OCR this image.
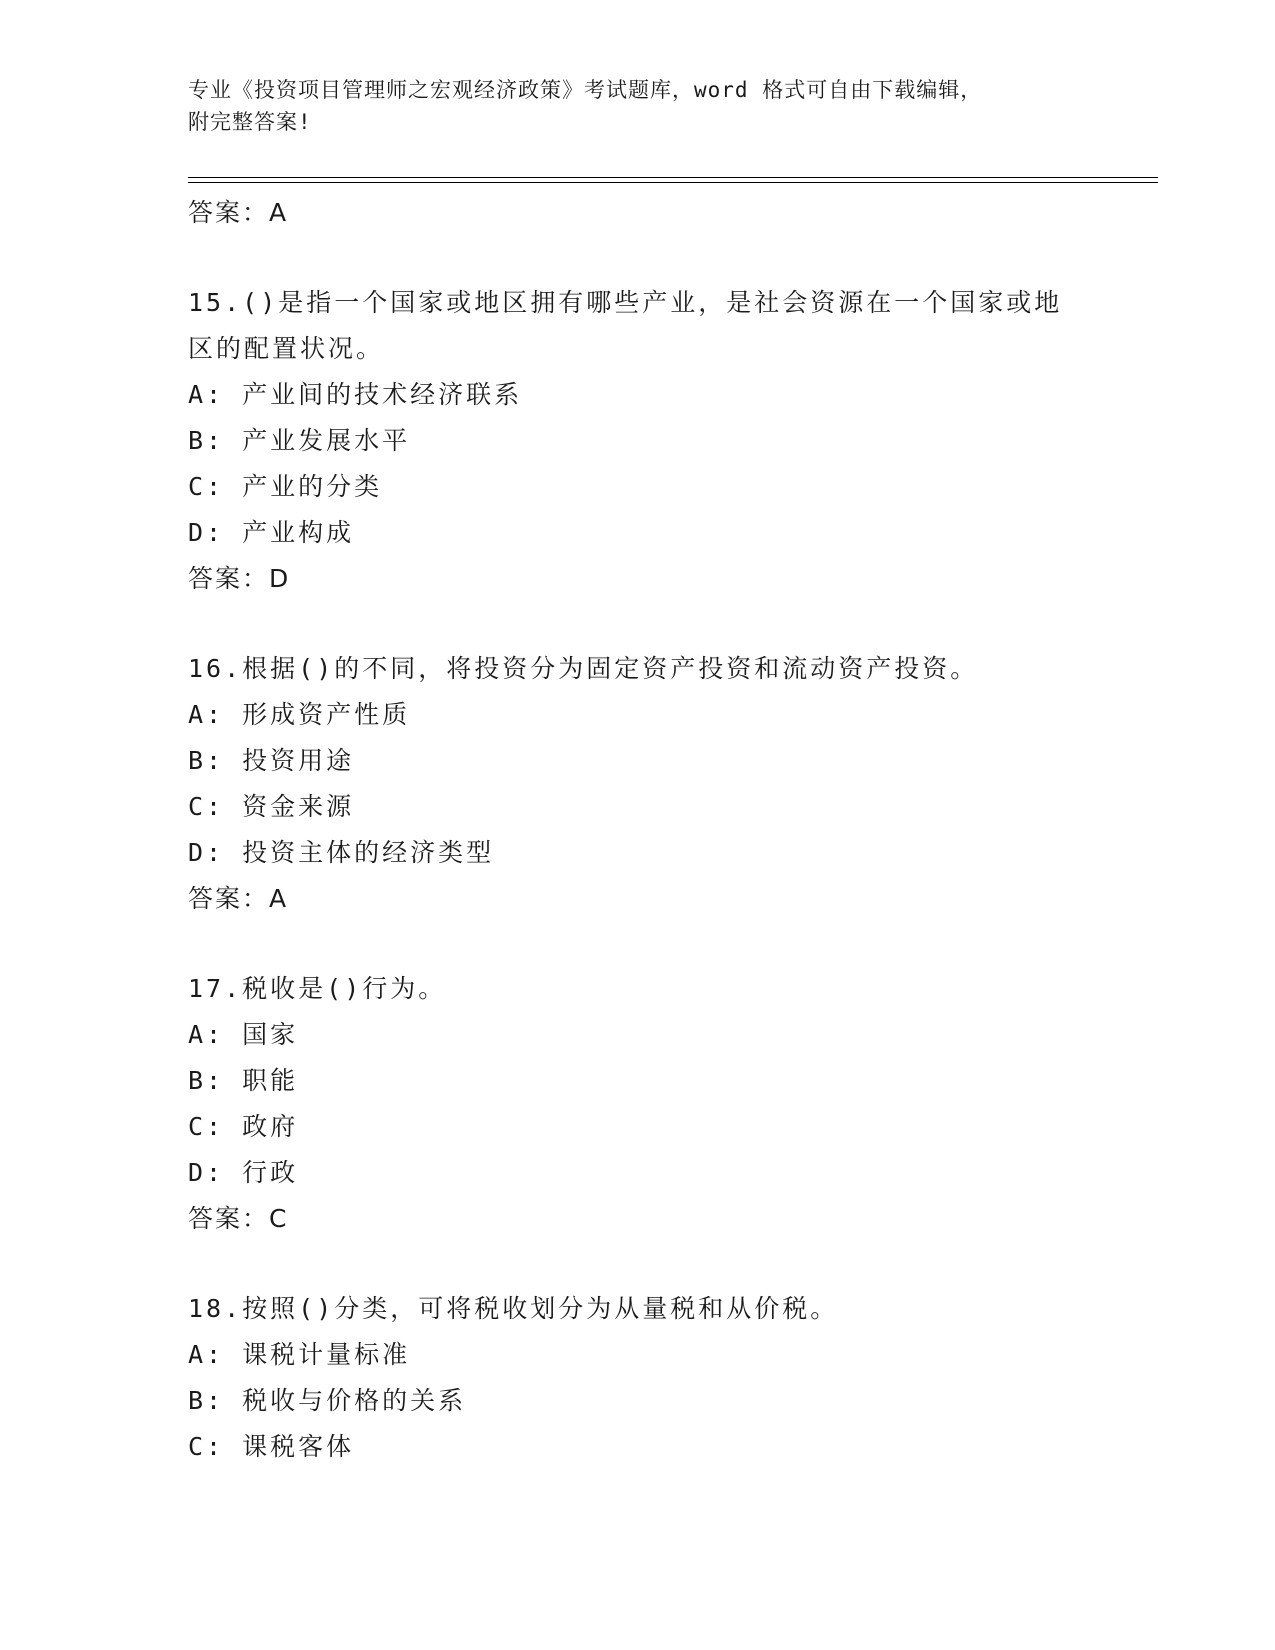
专业《投资项目管理师之宏观经济政策》考试题库，word 格式可自由下载编辑，
附完整答案!
答案：A
15.()是指一个国家或地区拥有哪些产业，是社会资源在一个国家或地
区的配置状况。
A: 产业间的技术经济联系
B: 产业发展水平
C: 产业的分类
D: 产业构成
答案：D
16.根据()的不同，将投资分为固定资产投资和流动资产投资。
A: 形成资产性质
B: 投资用途
C: 资金来源
D: 投资主体的经济类型
答案：A
17.税收是()行为。
A: 国家
B: 职能
C: 政府
D: 行政
答案：C
18.按照()分类，可将税收划分为从量税和从价税。
A: 课税计量标准
B: 税收与价格的关系
C: 课税客体
